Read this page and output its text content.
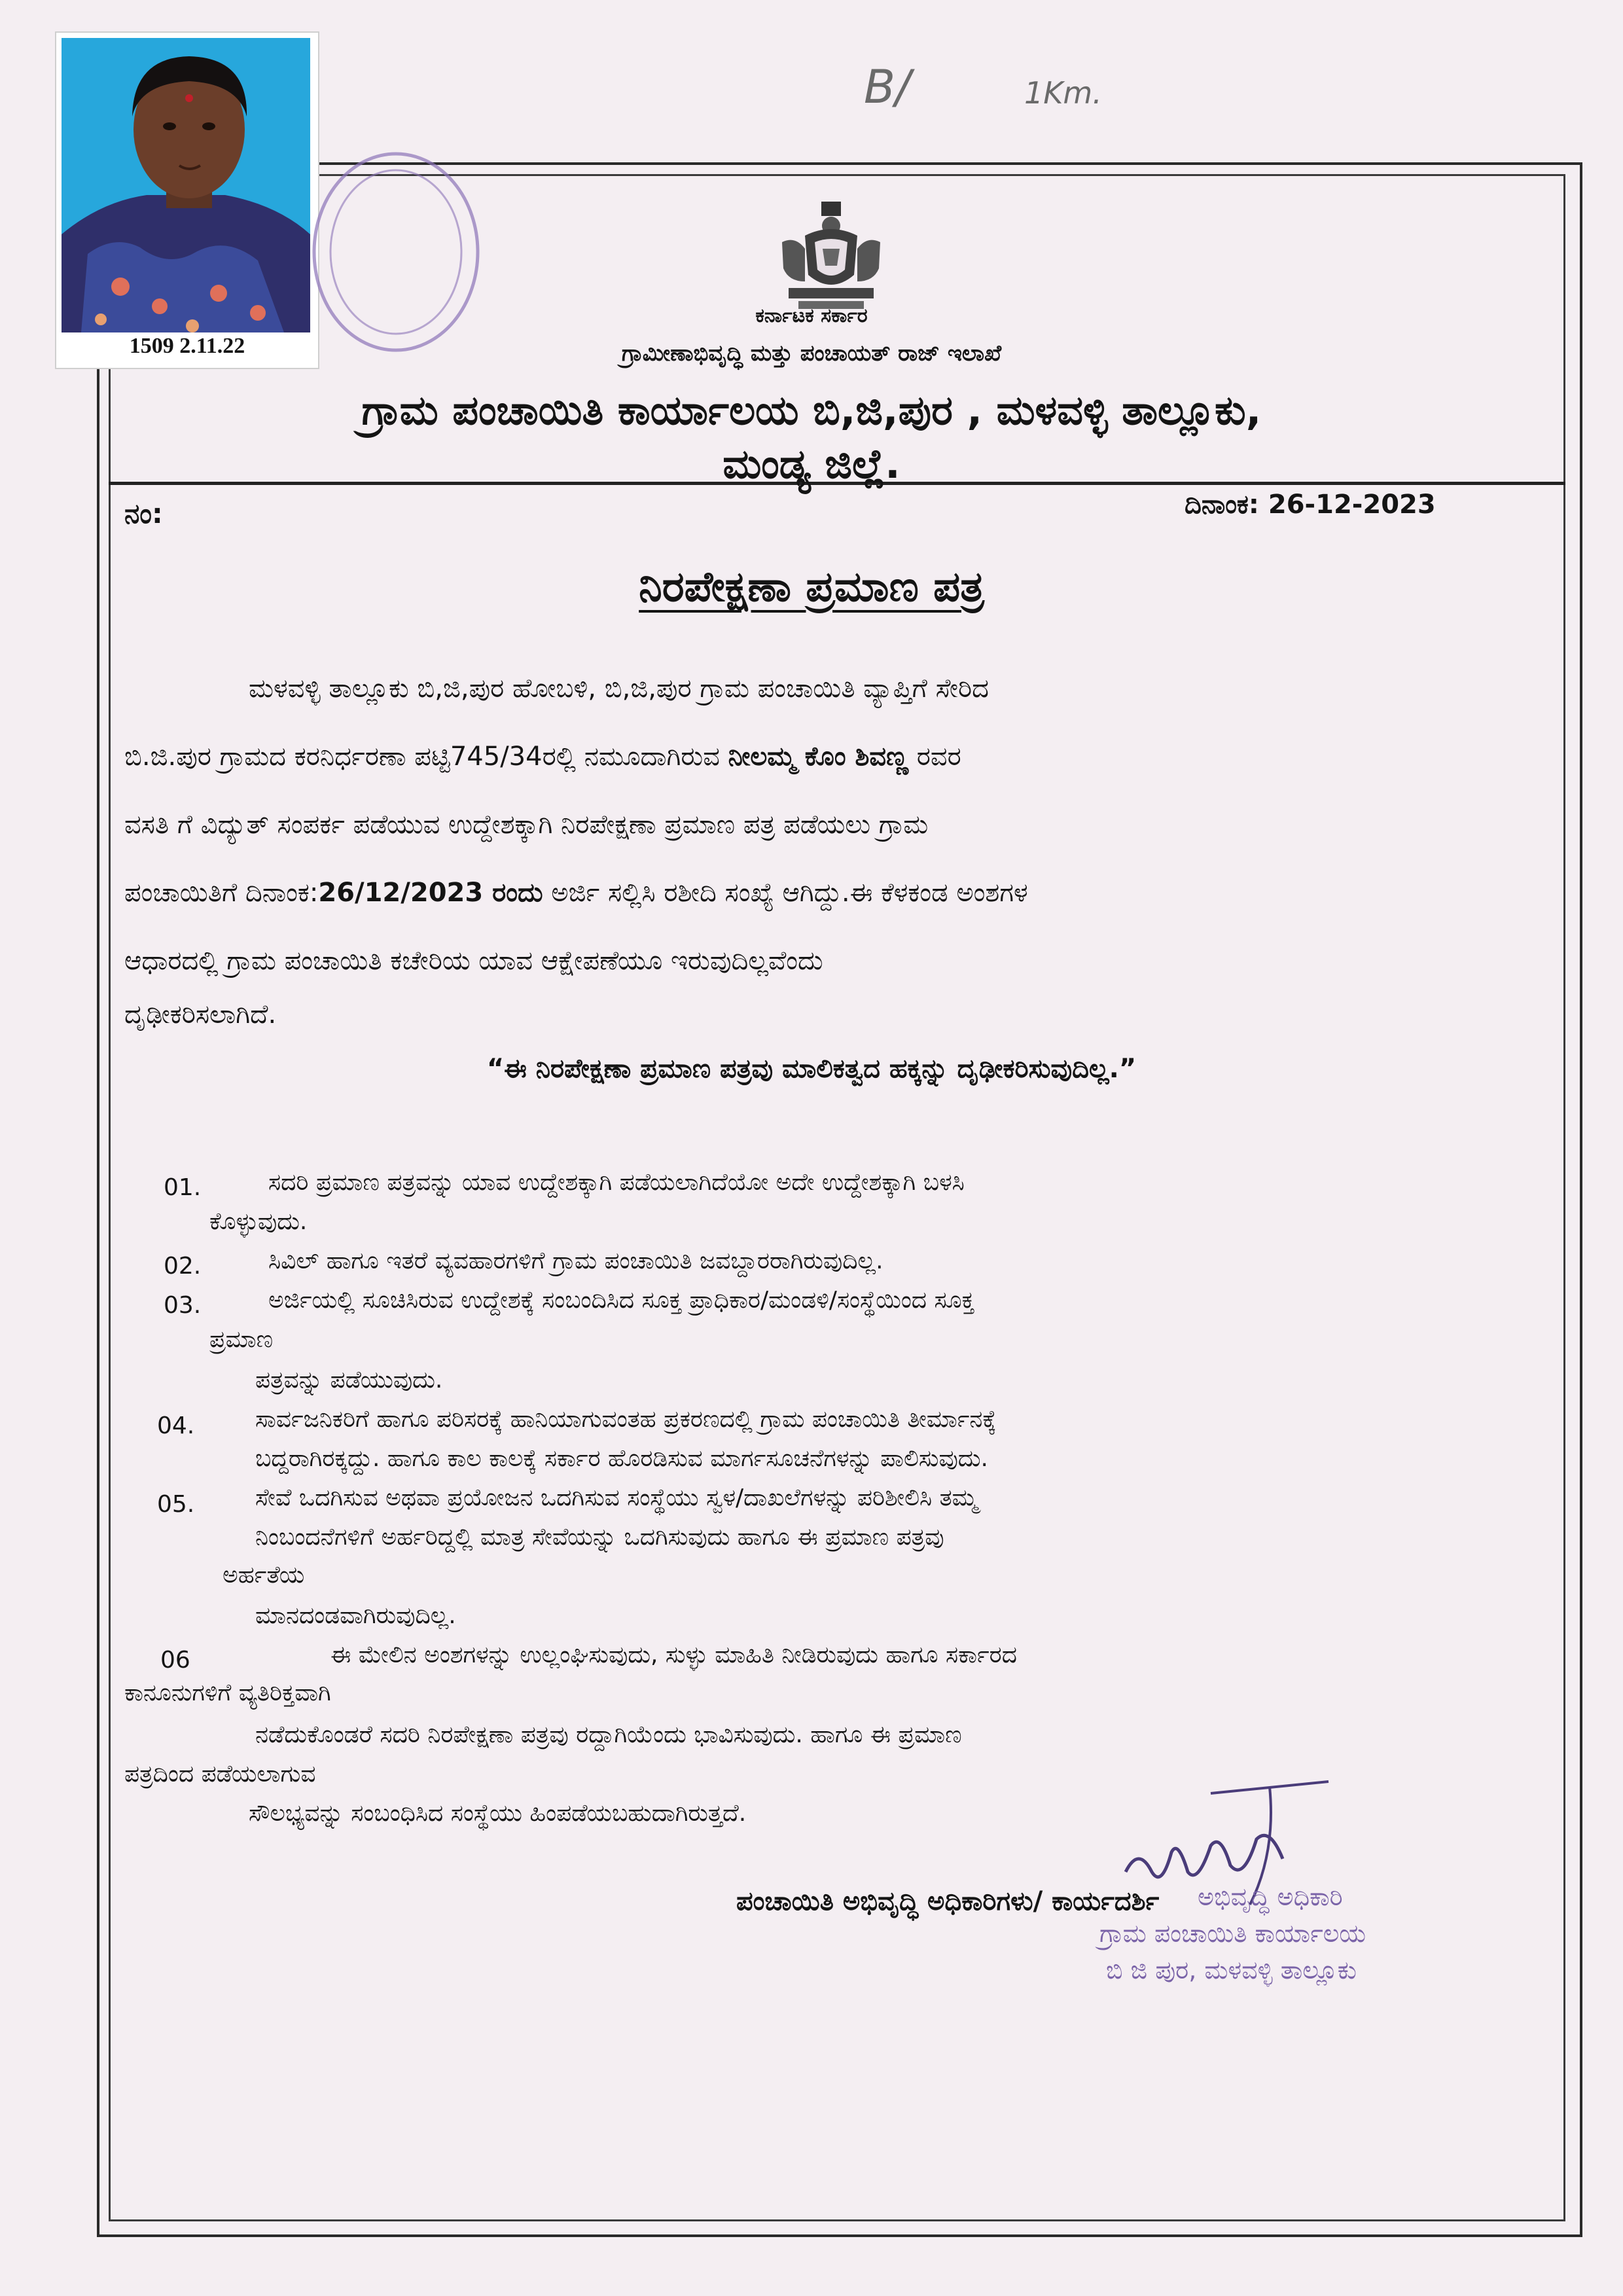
1509 2.11.22
B/	1Km.
ಕರ್ನಾಟಕ ಸರ್ಕಾರ
ಗ್ರಾಮೀಣಾಭಿವೃದ್ಧಿ ಮತ್ತು ಪಂಚಾಯತ್ ರಾಜ್ ಇಲಾಖೆ
ಗ್ರಾಮ ಪಂಚಾಯಿತಿ ಕಾರ್ಯಾಲಯ ಬಿ,ಜಿ,ಪುರ , ಮಳವಳ್ಳಿ ತಾಲ್ಲೂಕು,
ಮಂಡ್ಯ ಜಿಲ್ಲೆ.
ನಂ:	ದಿನಾಂಕ: 26-12-2023
ನಿರಪೇಕ್ಷಣಾ ಪ್ರಮಾಣ ಪತ್ರ
ಮಳವಳ್ಳಿ ತಾಲ್ಲೂಕು ಬಿ,ಜಿ,ಪುರ ಹೋಬಳಿ, ಬಿ,ಜಿ,ಪುರ ಗ್ರಾಮ ಪಂಚಾಯಿತಿ ವ್ಯಾಪ್ತಿಗೆ ಸೇರಿದ
ಬಿ.ಜಿ.ಪುರ ಗ್ರಾಮದ ಕರನಿರ್ಧರಣಾ ಪಟ್ಟಿ745/34ರಲ್ಲಿ ನಮೂದಾಗಿರುವ ನೀಲಮ್ಮ ಕೊಂ ಶಿವಣ್ಣ ರವರ
ವಸತಿ ಗೆ ವಿದ್ಯುತ್ ಸಂಪರ್ಕ ಪಡೆಯುವ ಉದ್ದೇಶಕ್ಕಾಗಿ ನಿರಪೇಕ್ಷಣಾ ಪ್ರಮಾಣ ಪತ್ರ ಪಡೆಯಲು ಗ್ರಾಮ
ಪಂಚಾಯಿತಿಗೆ ದಿನಾಂಕ:26/12/2023 ರಂದು ಅರ್ಜಿ ಸಲ್ಲಿಸಿ ರಶೀದಿ ಸಂಖ್ಯೆ ಆಗಿದ್ದು.ಈ ಕೆಳಕಂಡ ಅಂಶಗಳ
ಆಧಾರದಲ್ಲಿ ಗ್ರಾಮ ಪಂಚಾಯಿತಿ ಕಚೇರಿಯ ಯಾವ ಆಕ್ಷೇಪಣೆಯೂ ಇರುವುದಿಲ್ಲವೆಂದು
ದೃಢೀಕರಿಸಲಾಗಿದೆ.
“ಈ ನಿರಪೇಕ್ಷಣಾ ಪ್ರಮಾಣ ಪತ್ರವು ಮಾಲಿಕತ್ವದ ಹಕ್ಕನ್ನು ದೃಢೀಕರಿಸುವುದಿಲ್ಲ.”
01.	ಸದರಿ ಪ್ರಮಾಣ ಪತ್ರವನ್ನು ಯಾವ ಉದ್ದೇಶಕ್ಕಾಗಿ ಪಡೆಯಲಾಗಿದೆಯೋ ಅದೇ ಉದ್ದೇಶಕ್ಕಾಗಿ ಬಳಸಿ
ಕೊಳ್ಳುವುದು.
02.	ಸಿವಿಲ್ ಹಾಗೂ ಇತರೆ ವ್ಯವಹಾರಗಳಿಗೆ ಗ್ರಾಮ ಪಂಚಾಯಿತಿ ಜವಬ್ದಾರರಾಗಿರುವುದಿಲ್ಲ.
03.	ಅರ್ಜಿಯಲ್ಲಿ ಸೂಚಿಸಿರುವ ಉದ್ದೇಶಕ್ಕೆ ಸಂಬಂದಿಸಿದ ಸೂಕ್ತ ಪ್ರಾಧಿಕಾರ/ಮಂಡಳಿ/ಸಂಸ್ಥೆಯಿಂದ ಸೂಕ್ತ
ಪ್ರಮಾಣ
ಪತ್ರವನ್ನು ಪಡೆಯುವುದು.
04.	ಸಾರ್ವಜನಿಕರಿಗೆ ಹಾಗೂ ಪರಿಸರಕ್ಕೆ ಹಾನಿಯಾಗುವಂತಹ ಪ್ರಕರಣದಲ್ಲಿ ಗ್ರಾಮ ಪಂಚಾಯಿತಿ ತೀರ್ಮಾನಕ್ಕೆ
ಬದ್ದರಾಗಿರಕ್ಕದ್ದು. ಹಾಗೂ ಕಾಲ ಕಾಲಕ್ಕೆ ಸರ್ಕಾರ ಹೊರಡಿಸುವ ಮಾರ್ಗಸೂಚನೆಗಳನ್ನು ಪಾಲಿಸುವುದು.
05.	ಸೇವೆ ಒದಗಿಸುವ ಅಥವಾ ಪ್ರಯೋಜನ ಒದಗಿಸುವ ಸಂಸ್ಥೆಯು ಸ್ವಳ/ದಾಖಲೆಗಳನ್ನು ಪರಿಶೀಲಿಸಿ ತಮ್ಮ
ನಿಂಬಂದನೆಗಳಿಗೆ ಅರ್ಹರಿದ್ದಲ್ಲಿ ಮಾತ್ರ ಸೇವೆಯನ್ನು ಒದಗಿಸುವುದು ಹಾಗೂ ಈ ಪ್ರಮಾಣ ಪತ್ರವು
ಅರ್ಹತೆಯ
ಮಾನದಂಡವಾಗಿರುವುದಿಲ್ಲ.
06	ಈ ಮೇಲಿನ ಅಂಶಗಳನ್ನು ಉಲ್ಲಂಘಿಸುವುದು, ಸುಳ್ಳು ಮಾಹಿತಿ ನೀಡಿರುವುದು ಹಾಗೂ ಸರ್ಕಾರದ
ಕಾನೂನುಗಳಿಗೆ ವ್ಯತಿರಿಕ್ತವಾಗಿ
ನಡೆದುಕೊಂಡರೆ ಸದರಿ ನಿರಪೇಕ್ಷಣಾ ಪತ್ರವು ರದ್ದಾಗಿಯೆಂದು ಭಾವಿಸುವುದು. ಹಾಗೂ ಈ ಪ್ರಮಾಣ
ಪತ್ರದಿಂದ ಪಡೆಯಲಾಗುವ
ಸೌಲಭ್ಯವನ್ನು ಸಂಬಂಧಿಸಿದ ಸಂಸ್ಥೆಯು ಹಿಂಪಡೆಯಬಹುದಾಗಿರುತ್ತದೆ.
ಪಂಚಾಯಿತಿ ಅಭಿವೃದ್ಧಿ ಅಧಿಕಾರಿಗಳು/ ಕಾರ್ಯದರ್ಶಿ	ಅಭಿವೃದ್ಧಿ ಅಧಿಕಾರಿ
ಗ್ರಾಮ ಪಂಚಾಯಿತಿ ಕಾರ್ಯಾಲಯ
ಬಿ ಜಿ ಪುರ, ಮಳವಳ್ಳಿ ತಾಲ್ಲೂಕು
